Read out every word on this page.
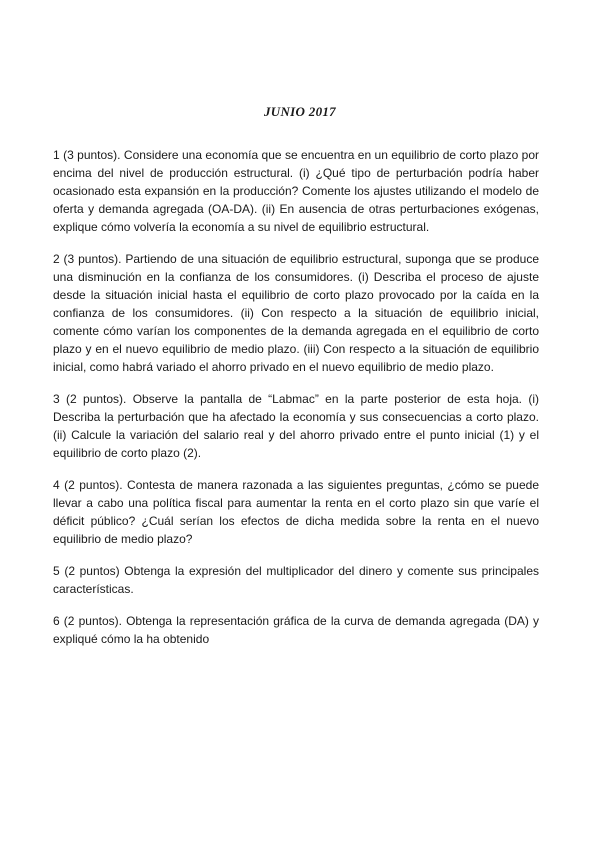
JUNIO 2017

1 (3 puntos). Considere una economía que se encuentra en un equilibrio de corto plazo por encima del nivel de producción estructural. (i) ¿Qué tipo de perturbación podría haber ocasionado esta expansión en la producción? Comente los ajustes utilizando el modelo de oferta y demanda agregada (OA-DA). (ii) En ausencia de otras perturbaciones exógenas, explique cómo volvería la economía a su nivel de equilibrio estructural.

2 (3 puntos). Partiendo de una situación de equilibrio estructural, suponga que se produce una disminución en la confianza de los consumidores. (i) Describa el proceso de ajuste desde la situación inicial hasta el equilibrio de corto plazo provocado por la caída en la confianza de los consumidores. (ii) Con respecto a la situación de equilibrio inicial, comente cómo varían los componentes de la demanda agregada en el equilibrio de corto plazo y en el nuevo equilibrio de medio plazo. (iii) Con respecto a la situación de equilibrio inicial, como habrá variado el ahorro privado en el nuevo equilibrio de medio plazo.

3 (2 puntos). Observe la pantalla de “Labmac” en la parte posterior de esta hoja. (i) Describa la perturbación que ha afectado la economía y sus consecuencias a corto plazo. (ii) Calcule la variación del salario real y del ahorro privado entre el punto inicial (1) y el equilibrio de corto plazo (2).

4 (2 puntos). Contesta de manera razonada a las siguientes preguntas, ¿cómo se puede llevar a cabo una política fiscal para aumentar la renta en el corto plazo sin que varíe el déficit público? ¿Cuál serían los efectos de dicha medida sobre la renta en el nuevo equilibrio de medio plazo?

5 (2 puntos) Obtenga la expresión del multiplicador del dinero y comente sus principales características.

6 (2 puntos). Obtenga la representación gráfica de la curva de demanda agregada (DA) y expliqué cómo la ha obtenido
